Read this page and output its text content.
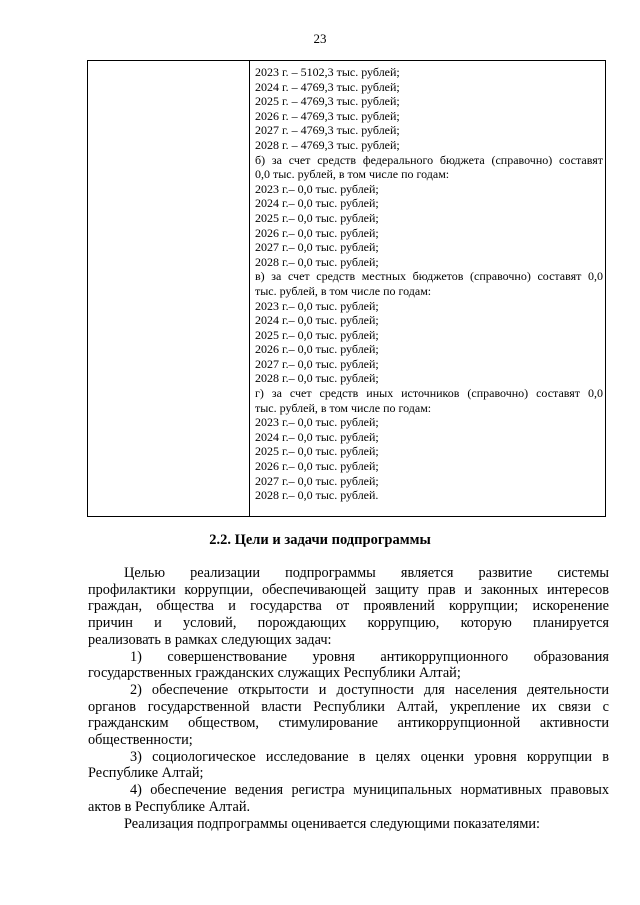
23
2023 г. – 5102,3 тыс. рублей;
2024 г. – 4769,3 тыс. рублей;
2025 г. – 4769,3 тыс. рублей;
2026 г. – 4769,3 тыс. рублей;
2027 г. – 4769,3 тыс. рублей;
2028 г. – 4769,3 тыс. рублей;
б) за счет средств федерального бюджета (справочно) составят
0,0 тыс. рублей, в том числе по годам:
2023 г.– 0,0 тыс. рублей;
2024 г.– 0,0 тыс. рублей;
2025 г.– 0,0 тыс. рублей;
2026 г.– 0,0 тыс. рублей;
2027 г.– 0,0 тыс. рублей;
2028 г.– 0,0 тыс. рублей;
в) за счет средств местных бюджетов (справочно) составят 0,0
тыс. рублей, в том числе по годам:
2023 г.– 0,0 тыс. рублей;
2024 г.– 0,0 тыс. рублей;
2025 г.– 0,0 тыс. рублей;
2026 г.– 0,0 тыс. рублей;
2027 г.– 0,0 тыс. рублей;
2028 г.– 0,0 тыс. рублей;
г) за счет средств иных источников (справочно) составят 0,0
тыс. рублей, в том числе по годам:
2023 г.– 0,0 тыс. рублей;
2024 г.– 0,0 тыс. рублей;
2025 г.– 0,0 тыс. рублей;
2026 г.– 0,0 тыс. рублей;
2027 г.– 0,0 тыс. рублей;
2028 г.– 0,0 тыс. рублей.
2.2. Цели и задачи подпрограммы
Целью реализации подпрограммы является развитие системы
профилактики коррупции, обеспечивающей защиту прав и законных интересов
граждан, общества и государства от проявлений коррупции; искоренение
причин и условий, порождающих коррупцию, которую планируется
реализовать в рамках следующих задач:
1) совершенствование уровня антикоррупционного образования
государственных гражданских служащих Республики Алтай;
2) обеспечение открытости и доступности для населения деятельности
органов государственной власти Республики Алтай, укрепление их связи с
гражданским обществом, стимулирование антикоррупционной активности
общественности;
3) социологическое исследование в целях оценки уровня коррупции в
Республике Алтай;
4) обеспечение ведения регистра муниципальных нормативных правовых
актов в Республике Алтай.
Реализация подпрограммы оценивается следующими показателями:
